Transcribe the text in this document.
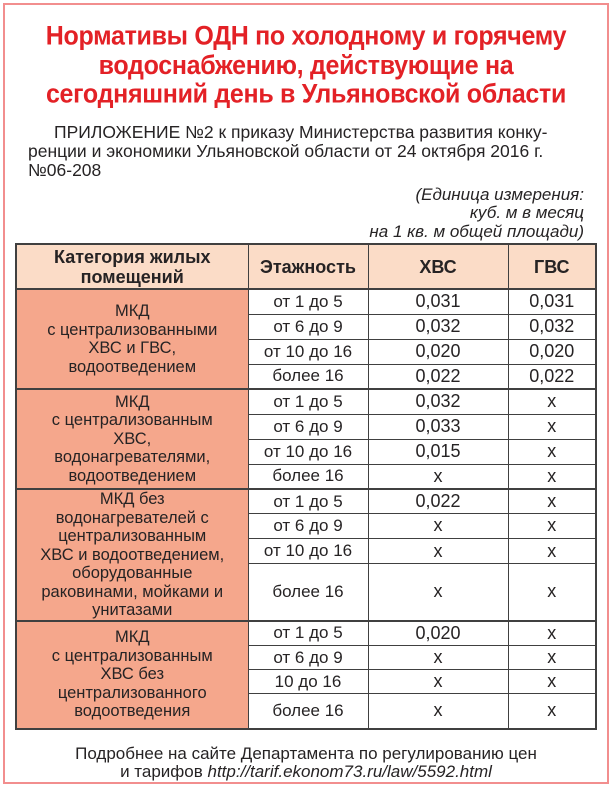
Нормативы ОДН по холодному и горячему
водоснабжению, действующие на
сегодняшний день в Ульяновской области
ПРИЛОЖЕНИЕ №2 к приказу Министерства развития конку-
ренции и экономики Ульяновской области от 24 октября 2016 г.
№06-208
(Единица измерения:
куб. м в месяц
на 1 кв. м общей площади)
Категория жилых помещений	Этажность	ХВС	ГВС

МКД
с централизованными
ХВС и ГВС,
водоотведением	от 1 до 5	0,031	0,031
	от 6 до 9	0,032	0,032
	от 10 до 16	0,020	0,020
	более 16	0,022	0,022

МКД
с централизованным
ХВС,
водонагревателями,
водоотведением	от 1 до 5	0,032	х
	от 6 до 9	0,033	х
	от 10 до 16	0,015	х
	более 16	х	х

МКД без
водонагревателей с
централизованным
ХВС и водоотведением,
оборудованные
раковинами, мойками и
унитазами
	от 1 до 5	0,022	х
	от 6 до 9	х	х
	от 10 до 16	х	х
	более 16	х	х

МКД
с централизованным
ХВС без
централизованного
водоотведения	от 1 до 5	0,020	х
	от 6 до 9	х	х
	10 до 16	х	х
	более 16	х	х
Подробнее на сайте Департамента по регулированию цен
и тарифов http://tarif.ekonom73.ru/law/5592.html
